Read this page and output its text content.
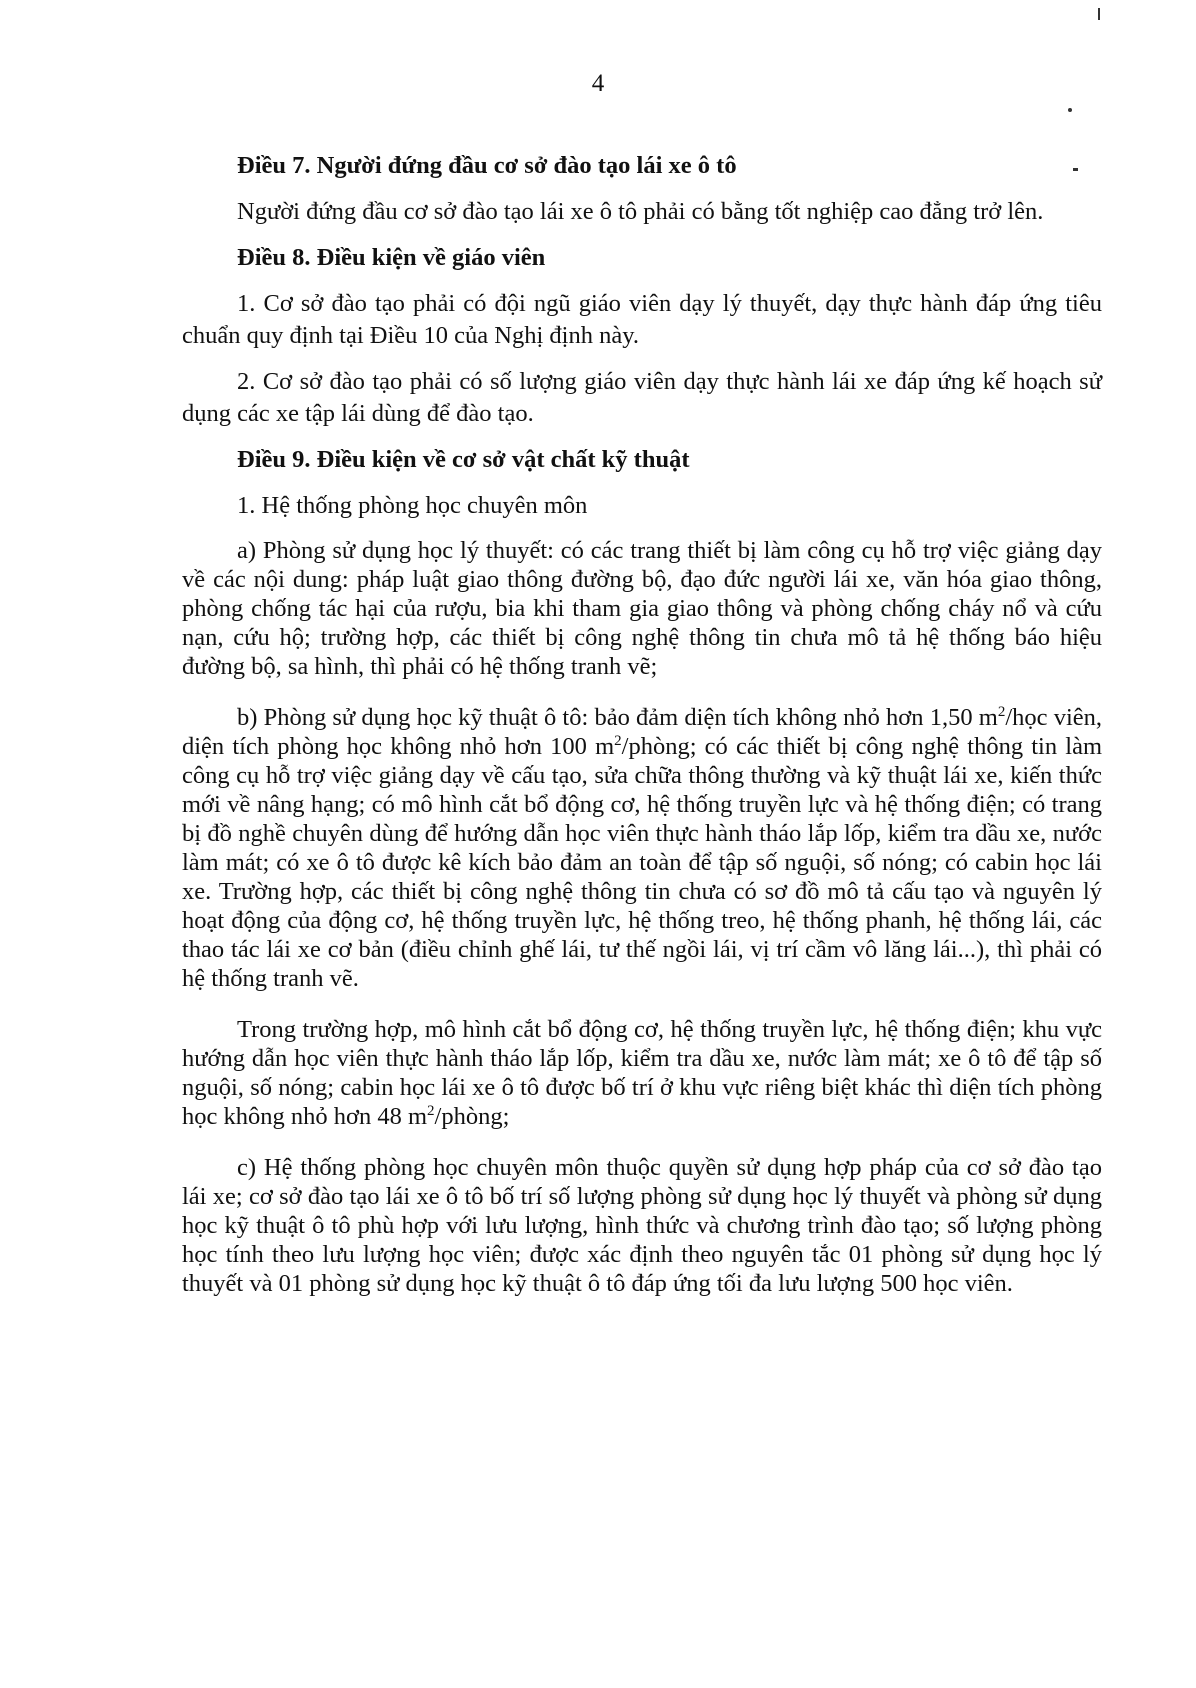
4

Điều 7. Người đứng đầu cơ sở đào tạo lái xe ô tô

Người đứng đầu cơ sở đào tạo lái xe ô tô phải có bằng tốt nghiệp cao đẳng trở lên.

Điều 8. Điều kiện về giáo viên

1. Cơ sở đào tạo phải có đội ngũ giáo viên dạy lý thuyết, dạy thực hành đáp ứng tiêu chuẩn quy định tại Điều 10 của Nghị định này.

2. Cơ sở đào tạo phải có số lượng giáo viên dạy thực hành lái xe đáp ứng kế hoạch sử dụng các xe tập lái dùng để đào tạo.

Điều 9. Điều kiện về cơ sở vật chất kỹ thuật

1. Hệ thống phòng học chuyên môn

a) Phòng sử dụng học lý thuyết: có các trang thiết bị làm công cụ hỗ trợ việc giảng dạy về các nội dung: pháp luật giao thông đường bộ, đạo đức người lái xe, văn hóa giao thông, phòng chống tác hại của rượu, bia khi tham gia giao thông và phòng chống cháy nổ và cứu nạn, cứu hộ; trường hợp, các thiết bị công nghệ thông tin chưa mô tả hệ thống báo hiệu đường bộ, sa hình, thì phải có hệ thống tranh vẽ;

b) Phòng sử dụng học kỹ thuật ô tô: bảo đảm diện tích không nhỏ hơn 1,50 $m^2$/học viên, diện tích phòng học không nhỏ hơn 100 $m^2$/phòng; có các thiết bị công nghệ thông tin làm công cụ hỗ trợ việc giảng dạy về cấu tạo, sửa chữa thông thường và kỹ thuật lái xe, kiến thức mới về nâng hạng; có mô hình cắt bổ động cơ, hệ thống truyền lực và hệ thống điện; có trang bị đồ nghề chuyên dùng để hướng dẫn học viên thực hành tháo lắp lốp, kiểm tra dầu xe, nước làm mát; có xe ô tô được kê kích bảo đảm an toàn để tập số nguội, số nóng; có cabin học lái xe. Trường hợp, các thiết bị công nghệ thông tin chưa có sơ đồ mô tả cấu tạo và nguyên lý hoạt động của động cơ, hệ thống truyền lực, hệ thống treo, hệ thống phanh, hệ thống lái, các thao tác lái xe cơ bản (điều chỉnh ghế lái, tư thế ngồi lái, vị trí cầm vô lăng lái...), thì phải có hệ thống tranh vẽ.

Trong trường hợp, mô hình cắt bổ động cơ, hệ thống truyền lực, hệ thống điện; khu vực hướng dẫn học viên thực hành tháo lắp lốp, kiểm tra dầu xe, nước làm mát; xe ô tô để tập số nguội, số nóng; cabin học lái xe ô tô được bố trí ở khu vực riêng biệt khác thì diện tích phòng học không nhỏ hơn 48 $m^2$/phòng;

c) Hệ thống phòng học chuyên môn thuộc quyền sử dụng hợp pháp của cơ sở đào tạo lái xe; cơ sở đào tạo lái xe ô tô bố trí số lượng phòng sử dụng học lý thuyết và phòng sử dụng học kỹ thuật ô tô phù hợp với lưu lượng, hình thức và chương trình đào tạo; số lượng phòng học tính theo lưu lượng học viên; được xác định theo nguyên tắc 01 phòng sử dụng học lý thuyết và 01 phòng sử dụng học kỹ thuật ô tô đáp ứng tối đa lưu lượng 500 học viên.
